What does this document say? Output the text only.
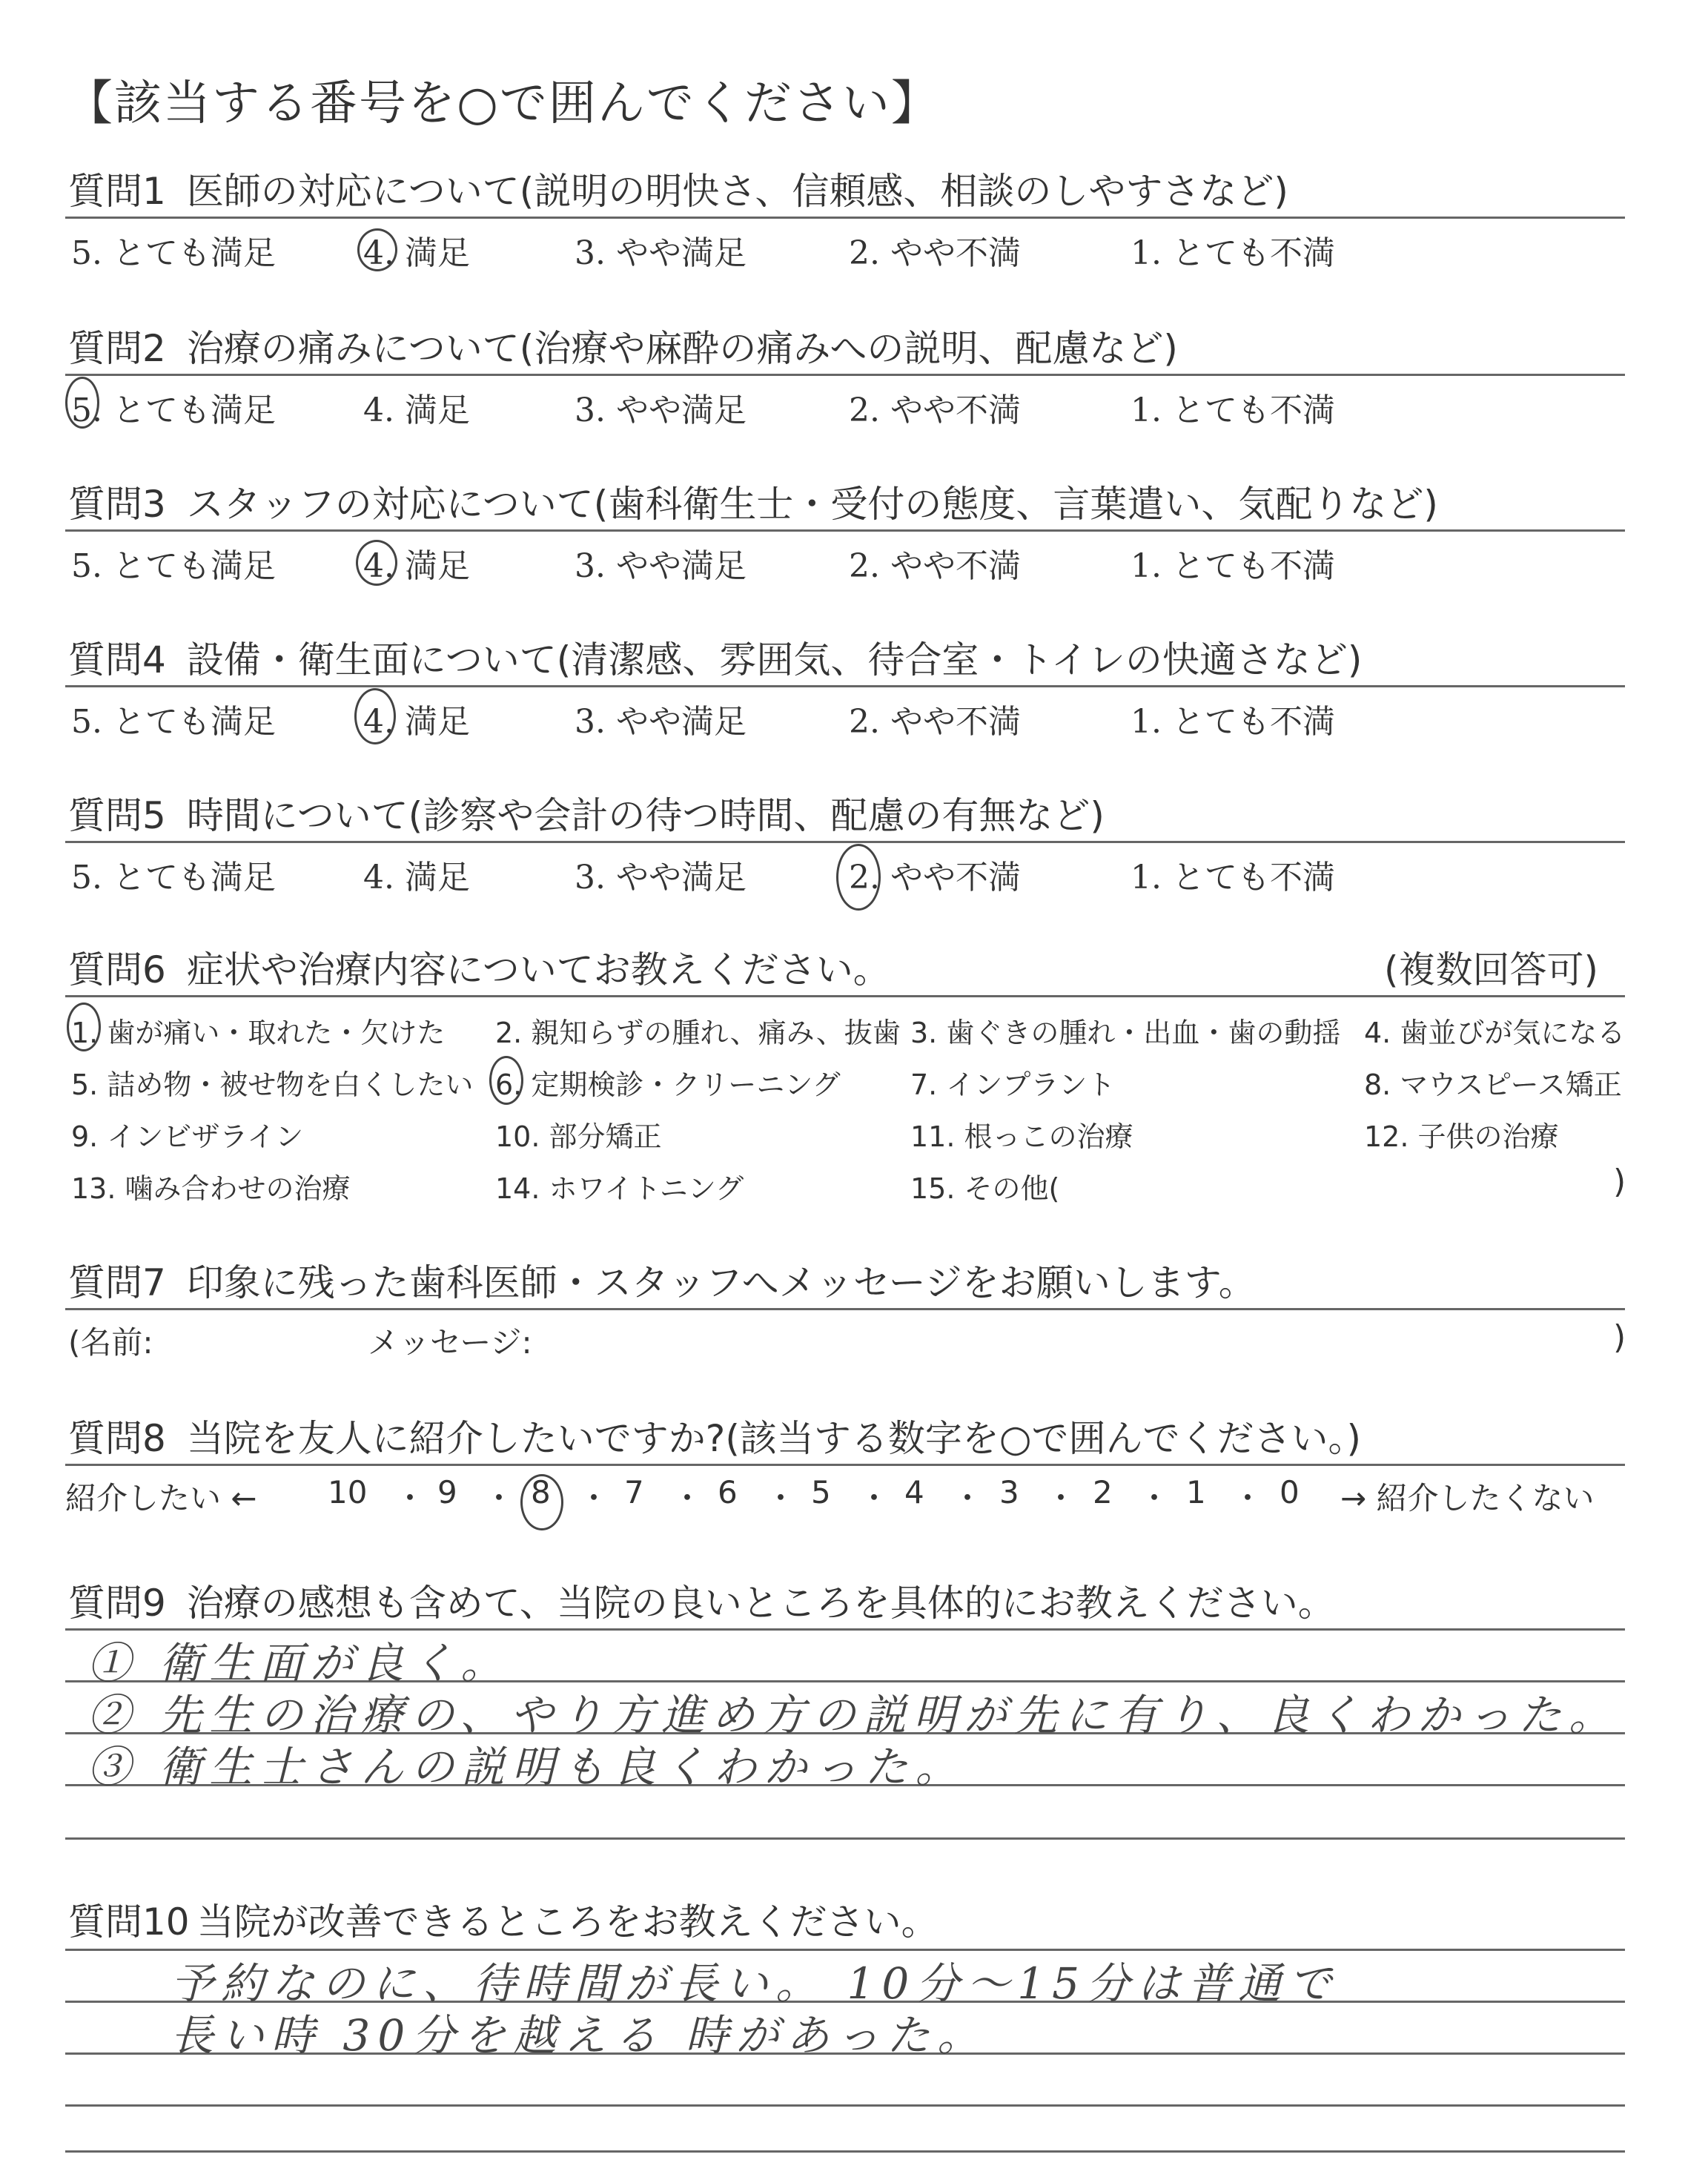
【該当する番号を○で囲んでください】
質問1 医師の対応について(説明の明快さ、信頼感、相談のしやすさなど)
5. とても満足	4. 満足	3. やや満足	2. やや不満	1. とても不満
質問2 治療の痛みについて(治療や麻酔の痛みへの説明、配慮など)
5. とても満足	4. 満足	3. やや満足	2. やや不満	1. とても不満
質問3 スタッフの対応について(歯科衛生士・受付の態度、言葉遣い、気配りなど)
5. とても満足	4. 満足	3. やや満足	2. やや不満	1. とても不満
質問4 設備・衛生面について(清潔感、雰囲気、待合室・トイレの快適さなど)
5. とても満足	4. 満足	3. やや満足	2. やや不満	1. とても不満
質問5 時間について(診察や会計の待つ時間、配慮の有無など)
5. とても満足	4. 満足	3. やや満足	2. やや不満	1. とても不満
質問6 症状や治療内容についてお教えください。	(複数回答可)
1. 歯が痛い・取れた・欠けた 2. 親知らずの腫れ、痛み、抜歯 3. 歯ぐきの腫れ・出血・歯の動揺 4. 歯並びが気になる
5. 詰め物・被せ物を白くしたい 6. 定期検診・クリーニング 7. インプラント	8. マウスピース矯正
9. インビザライン	10. 部分矯正	11. 根っこの治療	12. 子供の治療
13. 噛み合わせの治療	14. ホワイトニング	15. その他(	)
質問7 印象に残った歯科医師・スタッフへメッセージをお願いします。
(名前:	メッセージ:	)
質問8 当院を友人に紹介したいですか?(該当する数字を○で囲んでください。)
紹介したい ← 10 ・ 9 ・ 8 ・ 7 ・ 6 ・ 5 ・ 4 ・ 3 ・ 2 ・ 1 ・ 0 → 紹介したくない
質問9 治療の感想も含めて、当院の良いところを具体的にお教えください。
① 衛生面が良く。
② 先生の治療の、やり方進め方の説明が先に有り、良くわかった。
③ 衛生士さんの説明も良くわかった。
質問10 当院が改善できるところをお教えください。
予約なのに、待時間が長い。 10分〜15分は普通で
長い時 30分を越える 時があった。
